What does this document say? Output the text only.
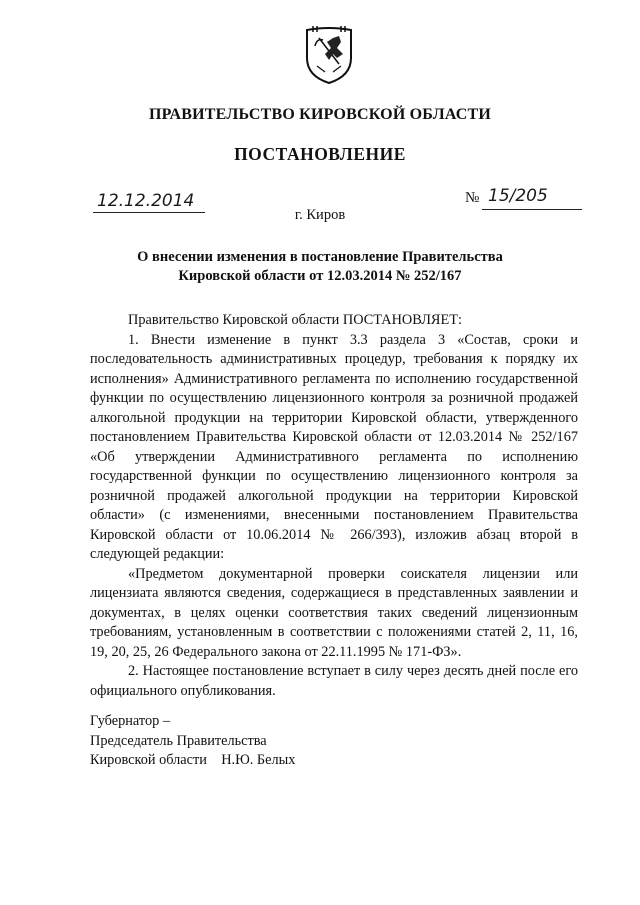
ПРАВИТЕЛЬСТВО КИРОВСКОЙ ОБЛАСТИ
ПОСТАНОВЛЕНИЕ
12.12.2014	№ 15/205
г. Киров
О внесении изменения в постановление Правительства
Кировской области от 12.03.2014 № 252/167

Правительство Кировской области ПОСТАНОВЛЯЕТ:

1. Внести изменение в пункт 3.3 раздела 3 «Состав, сроки и последовательность административных процедур, требования к порядку их исполнения» Административного регламента по исполнению государственной функции по осуществлению лицензионного контроля за розничной продажей алкогольной продукции на территории Кировской области, утвержденного постановлением Правительства Кировской области от 12.03.2014 № 252/167 «Об утверждении Административного регламента по исполнению государственной функции по осуществлению лицензионного контроля за розничной продажей алкогольной продукции на территории Кировской области» (с изменениями, внесенными постановлением Правительства Кировской области от 10.06.2014 № 266/393), изложив абзац второй в следующей редакции:

«Предметом документарной проверки соискателя лицензии или лицензиата являются сведения, содержащиеся в представленных заявлении и документах, в целях оценки соответствия таких сведений лицензионным требованиям, установленным в соответствии с положениями статей 2, 11, 16, 19, 20, 25, 26 Федерального закона от 22.11.1995 № 171-ФЗ».

2. Настоящее постановление вступает в силу через десять дней после его официального опубликования.

Губернатор –
Председатель Правительства
Кировской области Н.Ю. Белых
